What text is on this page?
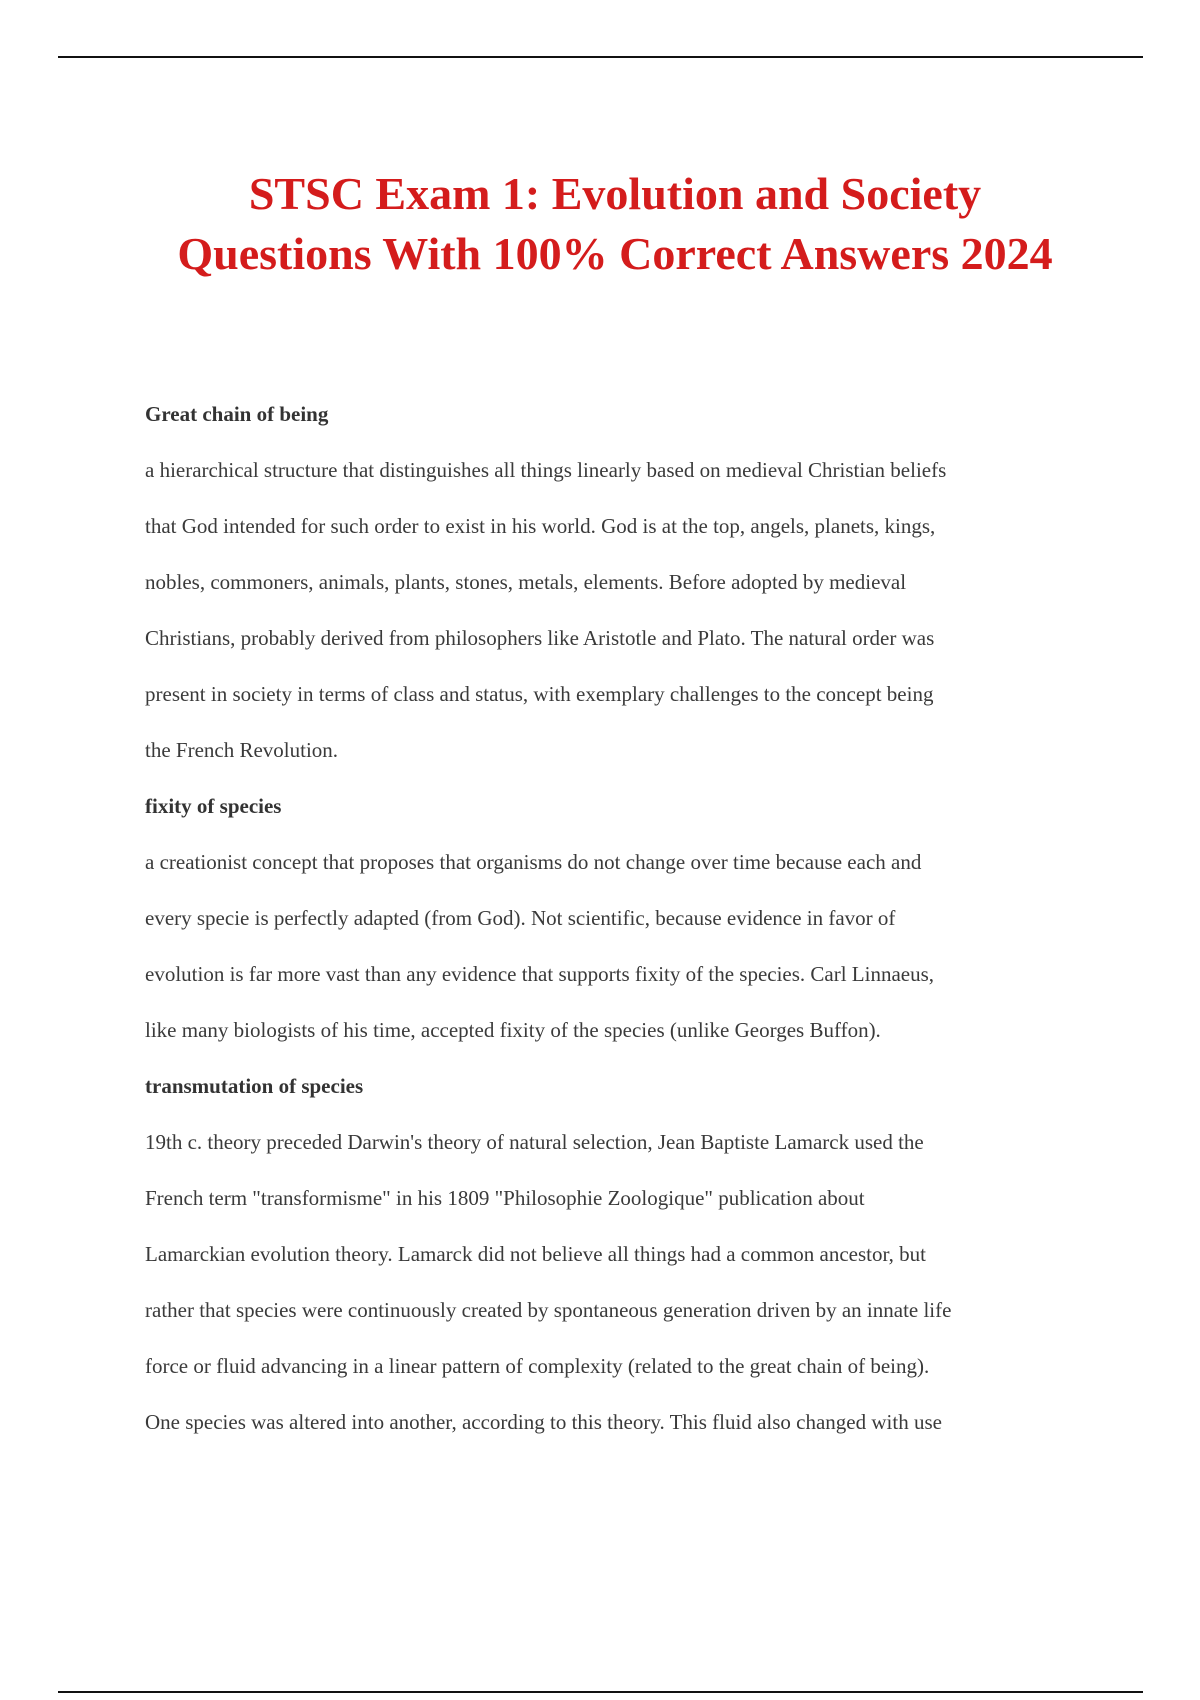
STSC Exam 1: Evolution and Society
Questions With 100% Correct Answers 2024

Great chain of being

a hierarchical structure that distinguishes all things linearly based on medieval Christian beliefs
that God intended for such order to exist in his world. God is at the top, angels, planets, kings,
nobles, commoners, animals, plants, stones, metals, elements. Before adopted by medieval
Christians, probably derived from philosophers like Aristotle and Plato. The natural order was
present in society in terms of class and status, with exemplary challenges to the concept being
the French Revolution.

fixity of species

a creationist concept that proposes that organisms do not change over time because each and
every specie is perfectly adapted (from God). Not scientific, because evidence in favor of
evolution is far more vast than any evidence that supports fixity of the species. Carl Linnaeus,
like many biologists of his time, accepted fixity of the species (unlike Georges Buffon).

transmutation of species

19th c. theory preceded Darwin's theory of natural selection, Jean Baptiste Lamarck used the
French term "transformisme" in his 1809 "Philosophie Zoologique" publication about
Lamarckian evolution theory. Lamarck did not believe all things had a common ancestor, but
rather that species were continuously created by spontaneous generation driven by an innate life
force or fluid advancing in a linear pattern of complexity (related to the great chain of being).
One species was altered into another, according to this theory. This fluid also changed with use
